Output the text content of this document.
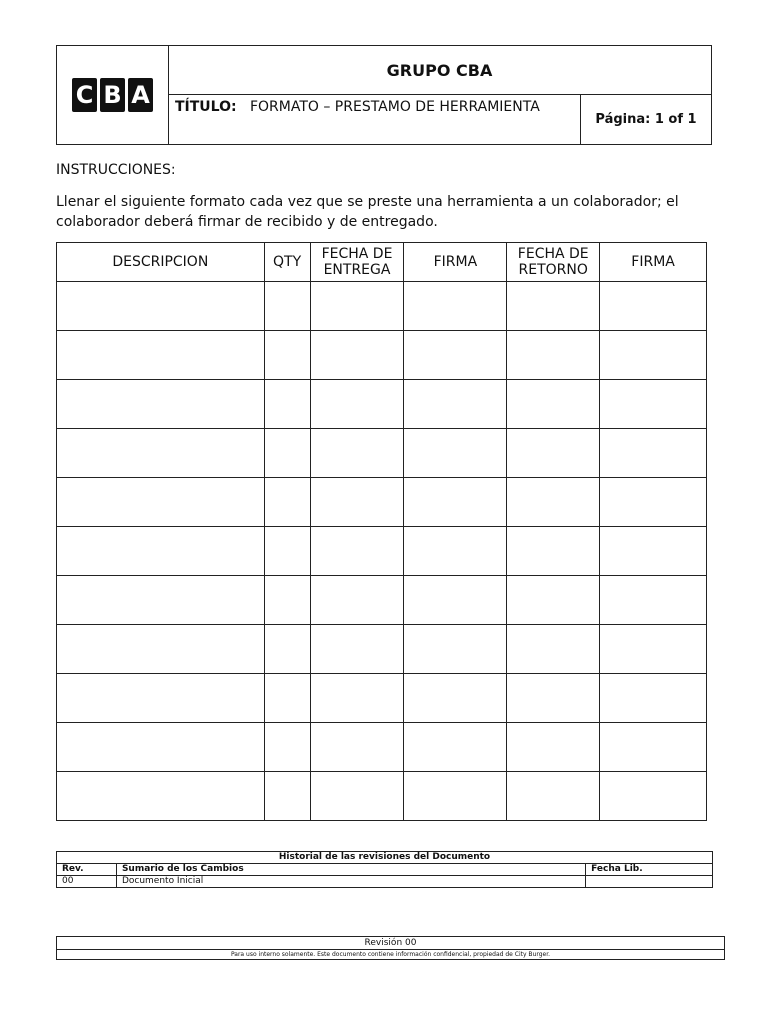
C B A
GRUPO CBA
TÍTULO: FORMATO – PRESTAMO DE HERRAMIENTA
Página: 1 of 1
INSTRUCCIONES:
Llenar el siguiente formato cada vez que se preste una herramienta a un colaborador; el colaborador deberá firmar de recibido y de entregado.
DESCRIPCION	QTY	FECHA DE ENTREGA	FIRMA	FECHA DE RETORNO	FIRMA

Historial de las revisiones del Documento		
Rev.	Sumario de los Cambios	Fecha Lib.
00	Documento Inicial	
Revisión 00
Para uso interno solamente. Este documento contiene información confidencial, propiedad de City Burger.
